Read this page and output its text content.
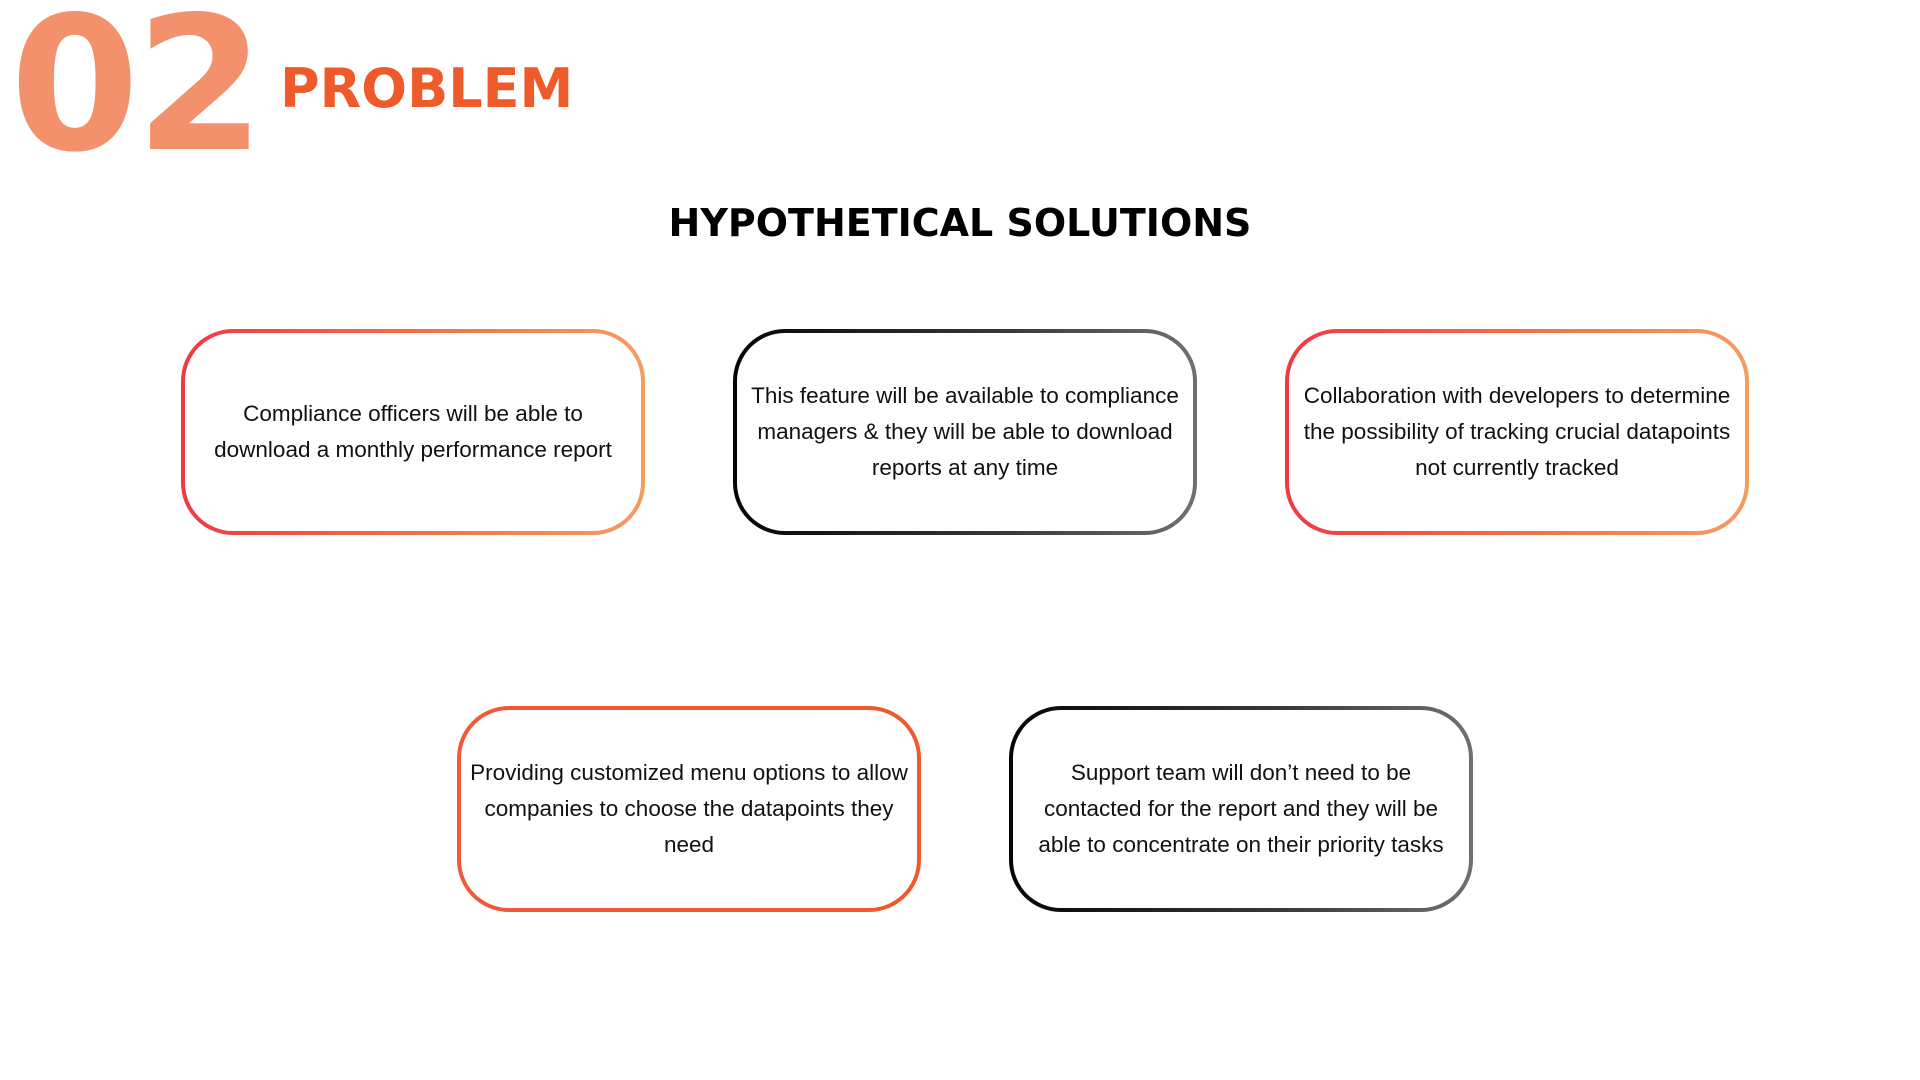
02 PROBLEM
HYPOTHETICAL SOLUTIONS
Compliance officers will be able to download a monthly performance report
This feature will be available to compliance managers & they will be able to download reports at any time
Collaboration with developers to determine the possibility of tracking crucial datapoints not currently tracked
Providing customized menu options to allow companies to choose the datapoints they need
Support team will don’t need to be contacted for the report and they will be able to concentrate on their priority tasks
